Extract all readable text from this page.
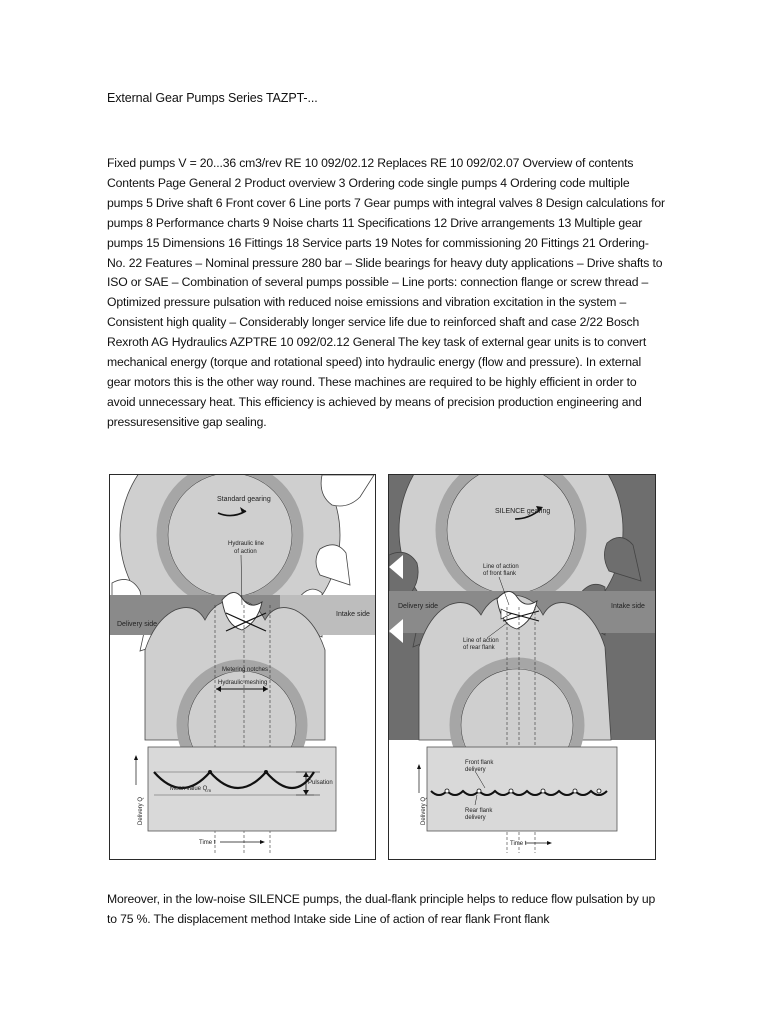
External Gear Pumps Series TAZPT-...

Fixed pumps V = 20...36 cm3/rev RE 10 092/02.12 Replaces RE 10 092/02.07 Overview of contents Contents Page General 2 Product overview 3 Ordering code single pumps 4 Ordering code multiple pumps 5 Drive shaft 6 Front cover 6 Line ports 7 Gear pumps with integral valves 8 Design calculations for pumps 8 Performance charts 9 Noise charts 11 Specifications 12 Drive arrangements 13 Multiple gear pumps 15 Dimensions 16 Fittings 18 Service parts 19 Notes for commissioning 20 Fittings 21 Ordering- No. 22 Features – Nominal pressure 280 bar – Slide bearings for heavy duty applications – Drive shafts to ISO or SAE – Combination of several pumps possible – Line ports: connection flange or screw thread – Optimized pressure pulsation with reduced noise emissions and vibration excitation in the system – Consistent high quality – Considerably longer service life due to reinforced shaft and case 2/22 Bosch Rexroth AG Hydraulics AZPTRE 10 092/02.12 General The key task of external gear units is to convert mechanical energy (torque and rotational speed) into hydraulic energy (flow and pressure). In external gear motors this is the other way round. These machines are required to be highly efficient in order to avoid unnecessary heat. This efficiency is achieved by means of precision production engineering and pressuresensitive gap sealing.

Standard gearing
Hydraulic line
of action
Delivery side
Intake side
Metering notches
Hydraulic meshing
Mean value $Q_m$
Pulsation
Delivery Q
Time t
SILENCE gearing
Line of action
of front flank
Delivery side	Intake side
Line of action
of rear flank
Front flank
delivery
Rear flank
delivery
Delivery Q
Time t

Moreover, in the low-noise SILENCE pumps, the dual-flank principle helps to reduce flow pulsation by up to 75 %. The displacement method Intake side Line of action of rear flank Front flank
